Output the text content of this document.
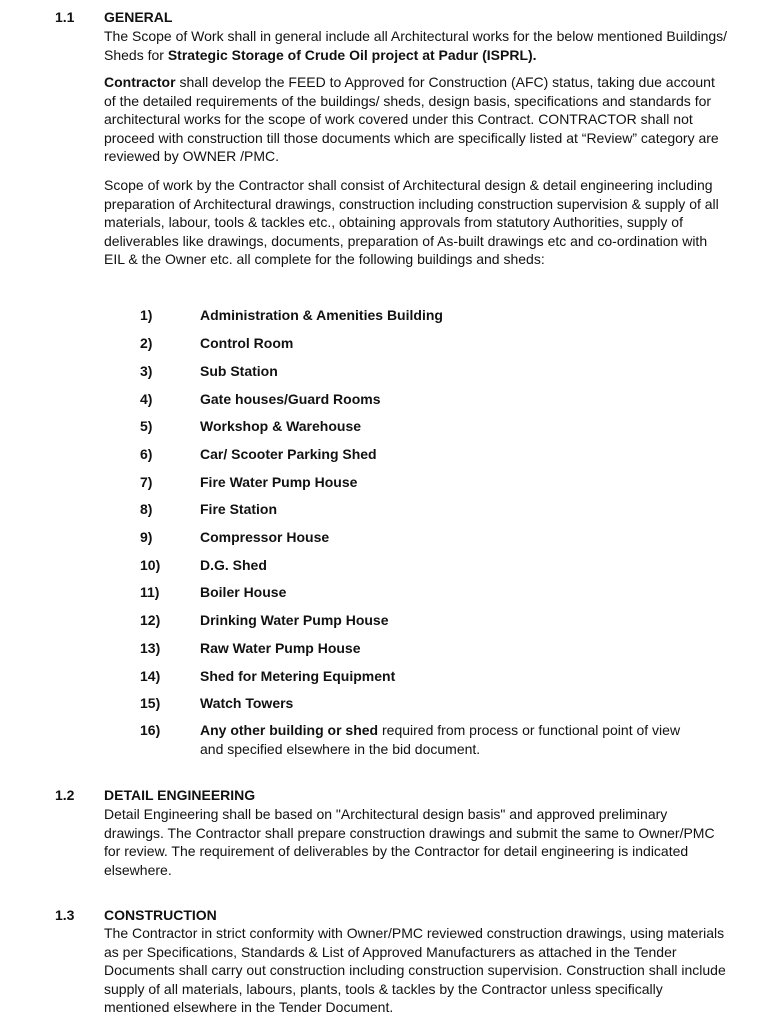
1.1 GENERAL

The Scope of Work shall in general include all Architectural works for the below mentioned Buildings/ Sheds for Strategic Storage of Crude Oil project at Padur (ISPRL).

Contractor shall develop the FEED to Approved for Construction (AFC) status, taking due account of the detailed requirements of the buildings/ sheds, design basis, specifications and standards for architectural works for the scope of work covered under this Contract. CONTRACTOR shall not proceed with construction till those documents which are specifically listed at “Review” category are reviewed by OWNER /PMC.

Scope of work by the Contractor shall consist of Architectural design & detail engineering including preparation of Architectural drawings, construction including construction supervision & supply of all materials, labour, tools & tackles etc., obtaining approvals from statutory Authorities, supply of deliverables like drawings, documents, preparation of As-built drawings etc and co-ordination with EIL & the Owner etc. all complete for the following buildings and sheds:

1)	Administration & Amenities Building
2)	Control Room
3)	Sub Station
4)	Gate houses/Guard Rooms
5)	Workshop & Warehouse
6)	Car/ Scooter Parking Shed
7)	Fire Water Pump House
8)	Fire Station
9)	Compressor House
10)	D.G. Shed
11)	Boiler House
12)	Drinking Water Pump House
13)	Raw Water Pump House
14)	Shed for Metering Equipment
15)	Watch Towers
16)	Any other building or shed required from process or functional point of view
and specified elsewhere in the bid document.
1.2 DETAIL ENGINEERING

Detail Engineering shall be based on "Architectural design basis" and approved preliminary drawings. The Contractor shall prepare construction drawings and submit the same to Owner/PMC for review. The requirement of deliverables by the Contractor for detail engineering is indicated elsewhere.

1.3 CONSTRUCTION

The Contractor in strict conformity with Owner/PMC reviewed construction drawings, using materials as per Specifications, Standards & List of Approved Manufacturers as attached in the Tender Documents shall carry out construction including construction supervision. Construction shall include supply of all materials, labours, plants, tools & tackles by the Contractor unless specifically mentioned elsewhere in the Tender Document.
